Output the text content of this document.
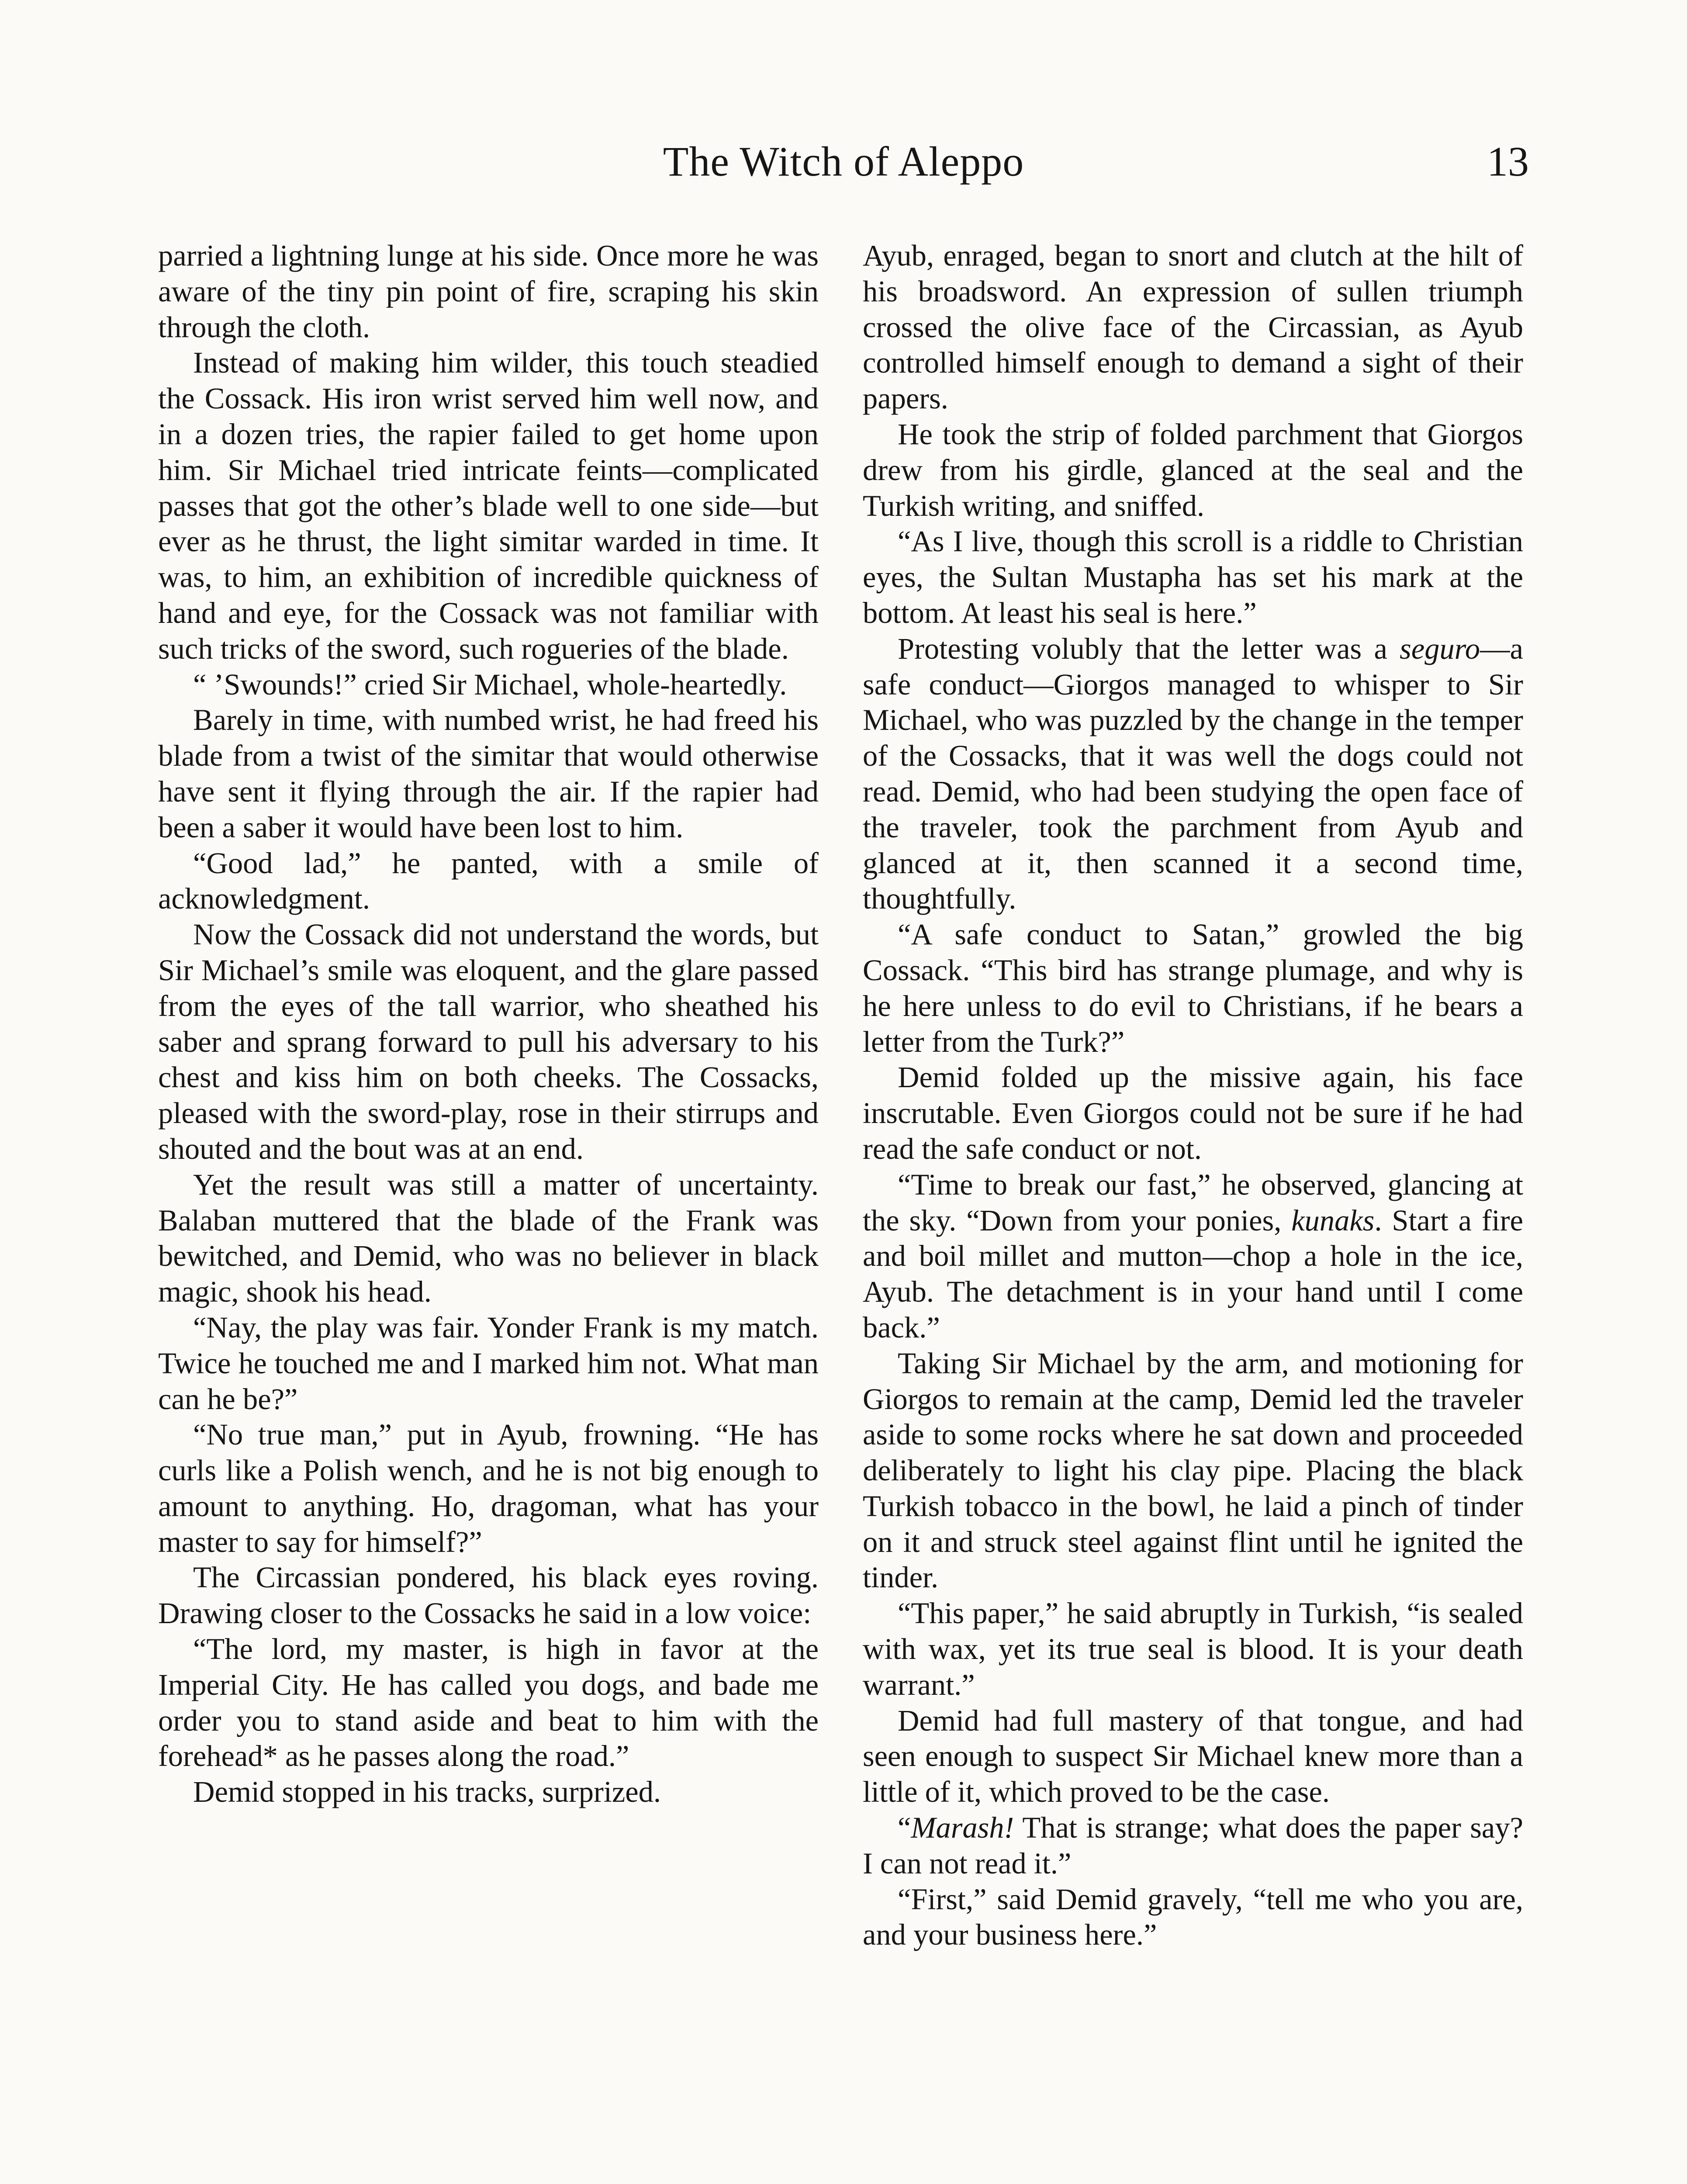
The Witch of Aleppo	13

parried a lightning lunge at his side. Once more he was aware of the tiny pin point of fire, scraping his skin through the cloth.

Instead of making him wilder, this touch steadied the Cossack. His iron wrist served him well now, and in a dozen tries, the rapier failed to get home upon him. Sir Michael tried intricate feints—complicated passes that got the other’s blade well to one side—but ever as he thrust, the light simitar warded in time. It was, to him, an exhibition of incredible quickness of hand and eye, for the Cossack was not familiar with such tricks of the sword, such rogueries of the blade.

“ ’Swounds!” cried Sir Michael, whole-heartedly.

Barely in time, with numbed wrist, he had freed his blade from a twist of the simitar that would otherwise have sent it flying through the air. If the rapier had been a saber it would have been lost to him.

“Good lad,” he panted, with a smile of acknowledgment.

Now the Cossack did not understand the words, but Sir Michael’s smile was eloquent, and the glare passed from the eyes of the tall warrior, who sheathed his saber and sprang forward to pull his adversary to his chest and kiss him on both cheeks. The Cossacks, pleased with the sword-play, rose in their stirrups and shouted and the bout was at an end.

Yet the result was still a matter of uncertainty. Balaban muttered that the blade of the Frank was bewitched, and Demid, who was no believer in black magic, shook his head.

“Nay, the play was fair. Yonder Frank is my match. Twice he touched me and I marked him not. What man can he be?”

“No true man,” put in Ayub, frowning. “He has curls like a Polish wench, and he is not big enough to amount to anything. Ho, dragoman, what has your master to say for himself?”

The Circassian pondered, his black eyes roving. Drawing closer to the Cossacks he said in a low voice:

“The lord, my master, is high in favor at the Imperial City. He has called you dogs, and bade me order you to stand aside and beat to him with the forehead* as he passes along the road.”

Demid stopped in his tracks, surprized.

Ayub, enraged, began to snort and clutch at the hilt of his broadsword. An expression of sullen triumph crossed the olive face of the Circassian, as Ayub controlled himself enough to demand a sight of their papers.

He took the strip of folded parchment that Giorgos drew from his girdle, glanced at the seal and the Turkish writing, and sniffed.

“As I live, though this scroll is a riddle to Christian eyes, the Sultan Mustapha has set his mark at the bottom. At least his seal is here.”

Protesting volubly that the letter was a seguro—a safe conduct—Giorgos managed to whisper to Sir Michael, who was puzzled by the change in the temper of the Cossacks, that it was well the dogs could not read. Demid, who had been studying the open face of the traveler, took the parchment from Ayub and glanced at it, then scanned it a second time, thoughtfully.

“A safe conduct to Satan,” growled the big Cossack. “This bird has strange plumage, and why is he here unless to do evil to Christians, if he bears a letter from the Turk?”

Demid folded up the missive again, his face inscrutable. Even Giorgos could not be sure if he had read the safe conduct or not.

“Time to break our fast,” he observed, glancing at the sky. “Down from your ponies, kunaks. Start a fire and boil millet and mutton—chop a hole in the ice, Ayub. The detachment is in your hand until I come back.”

Taking Sir Michael by the arm, and motioning for Giorgos to remain at the camp, Demid led the traveler aside to some rocks where he sat down and proceeded deliberately to light his clay pipe. Placing the black Turkish tobacco in the bowl, he laid a pinch of tinder on it and struck steel against flint until he ignited the tinder.

“This paper,” he said abruptly in Turkish, “is sealed with wax, yet its true seal is blood. It is your death warrant.”

Demid had full mastery of that tongue, and had seen enough to suspect Sir Michael knew more than a little of it, which proved to be the case.

“Marash! That is strange; what does the paper say? I can not read it.”

“First,” said Demid gravely, “tell me who you are, and your business here.”
